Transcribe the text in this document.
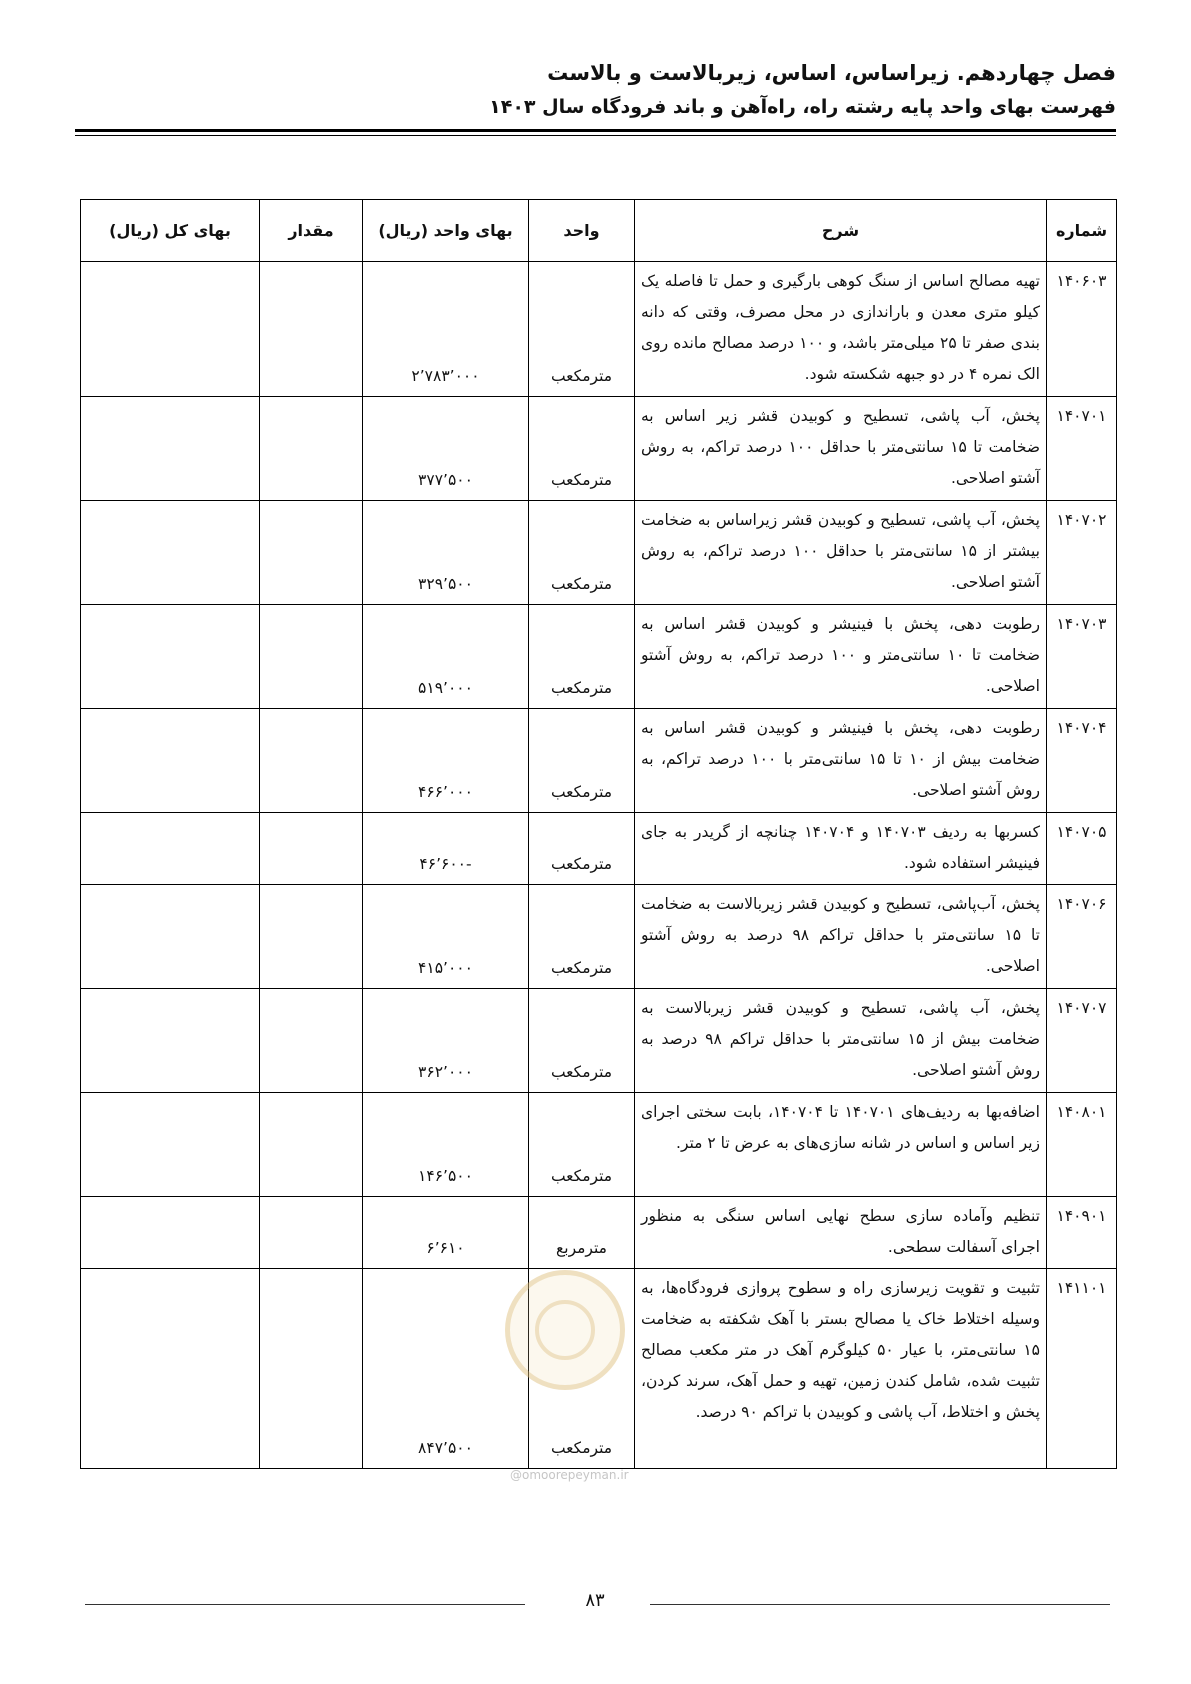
فصل چهاردهم. زیراساس، اساس، زیربالاست و بالاست
فهرست بهای واحد پایه رشته راه، راه‌آهن و باند فرودگاه سال ۱۴۰۳
شماره	شرح	واحد	بهای واحد (ریال)	مقدار	بهای کل (ریال)
۱۴۰۶۰۳	تهیه مصالح اساس از سنگ کوهی بارگیری و حمل تا فاصله یک کیلو متری معدن و باراندازی در محل مصرف، وقتی که دانه بندی صفر تا ۲۵ میلی‌متر باشد، و ۱۰۰ درصد مصالح مانده روی الک نمره ۴ در دو جبهه شکسته شود.	مترمکعب	۲٬۷۸۳٬۰۰۰		
۱۴۰۷۰۱	پخش، آب پاشی، تسطیح و کوبیدن قشر زیر اساس به ضخامت تا ۱۵ سانتی‌متر با حداقل ۱۰۰ درصد تراکم، به روش آشتو اصلاحی.	مترمکعب	۳۷۷٬۵۰۰		
۱۴۰۷۰۲	پخش، آب پاشی، تسطیح و کوبیدن قشر زیراساس به ضخامت بیشتر از ۱۵ سانتی‌متر با حداقل ۱۰۰ درصد تراکم، به روش آشتو اصلاحی.	مترمکعب	۳۲۹٬۵۰۰		
۱۴۰۷۰۳	رطوبت دهی، پخش با فینیشر و کوبیدن قشر اساس به ضخامت تا ۱۰ سانتی‌متر و ۱۰۰ درصد تراکم، به روش آشتو اصلاحی.	مترمکعب	۵۱۹٬۰۰۰		
۱۴۰۷۰۴	رطوبت دهی، پخش با فینیشر و کوبیدن قشر اساس به ضخامت بیش از ۱۰ تا ۱۵ سانتی‌متر با ۱۰۰ درصد تراکم، به روش آشتو اصلاحی.	مترمکعب	۴۶۶٬۰۰۰		
۱۴۰۷۰۵	کسربها به ردیف ۱۴۰۷۰۳ و ۱۴۰۷۰۴ چنانچه از گریدر به جای فینیشر استفاده شود.	مترمکعب	-۴۶٬۶۰۰		
۱۴۰۷۰۶	پخش، آب‌پاشی، تسطیح و کوبیدن قشر زیربالاست به ضخامت تا ۱۵ سانتی‌متر با حداقل تراکم ۹۸ درصد به روش آشتو اصلاحی.	مترمکعب	۴۱۵٬۰۰۰		
۱۴۰۷۰۷	پخش، آب پاشی، تسطیح و کوبیدن قشر زیربالاست به ضخامت بیش از ۱۵ سانتی‌متر با حداقل تراکم ۹۸ درصد به روش آشتو اصلاحی.	مترمکعب	۳۶۲٬۰۰۰		
۱۴۰۸۰۱	اضافه‌بها به ردیف‌های ۱۴۰۷۰۱ تا ۱۴۰۷۰۴، بابت سختی اجرای زیر اساس و اساس در شانه سازی‌های به عرض تا ۲ متر.	مترمکعب	۱۴۶٬۵۰۰		
۱۴۰۹۰۱	تنظیم وآماده سازی سطح نهایی اساس سنگی به منظور اجرای آسفالت سطحی.	مترمربع	۶٬۶۱۰		
۱۴۱۱۰۱	تثبیت و تقویت زیرسازی راه و سطوح پروازی فرودگاه‌ها، به وسیله اختلاط خاک یا مصالح بستر با آهک شکفته به ضخامت ۱۵ سانتی‌متر، با عیار ۵۰ کیلوگرم آهک در متر مکعب مصالح تثبیت شده، شامل کندن زمین، تهیه و حمل آهک، سرند کردن، پخش و اختلاط، آب پاشی و کوبیدن با تراکم ۹۰ درصد.	مترمکعب	۸۴۷٬۵۰۰		
@omoorepeyman.ir
۸۳
